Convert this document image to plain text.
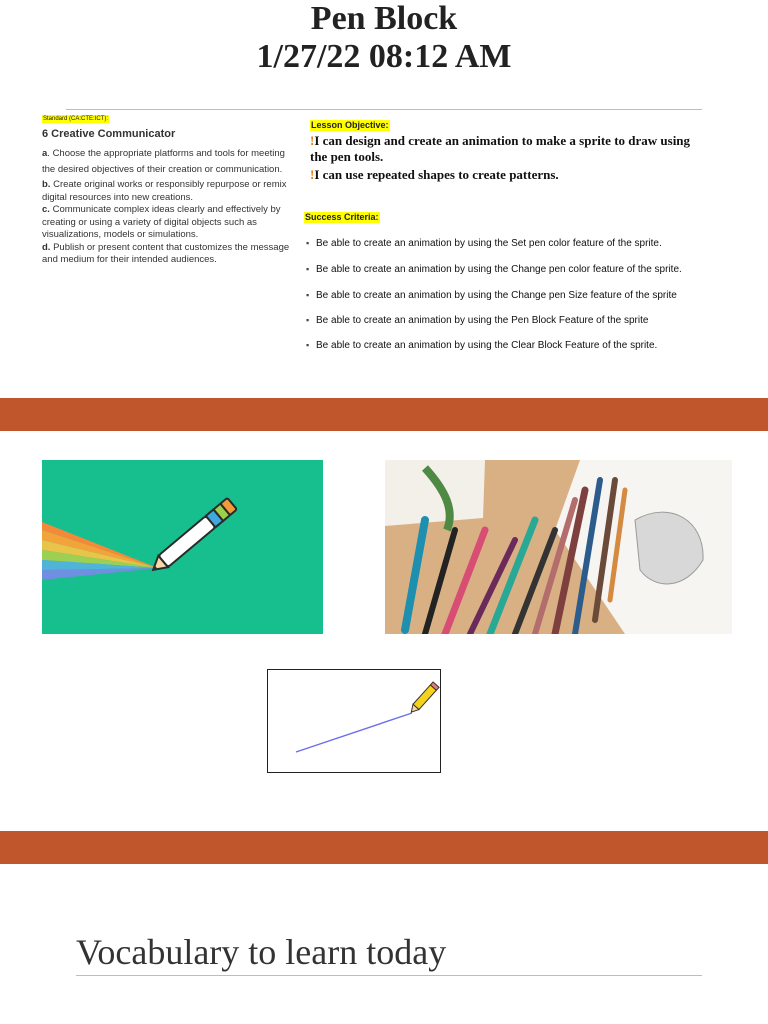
Pen Block
1/27/22 08:12 AM
Standard (CA:CTE:ICT):
6 Creative Communicator

a. Choose the appropriate platforms and tools for meeting the desired objectives of their creation or communication.

b. Create original works or responsibly repurpose or remix digital resources into new creations.

c. Communicate complex ideas clearly and effectively by creating or using a variety of digital objects such as visualizations, models or simulations.

d. Publish or present content that customizes the message and medium for their intended audiences.

Lesson Objective:

!I can design and create an animation to make a sprite to draw using the pen tools.

!I can use repeated shapes to create patterns.

Success Criteria:
▪ Be able to create an animation by using the Set pen color feature of the sprite.
▪ Be able to create an animation by using the Change pen color feature of the sprite.
▪ Be able to create an animation by using the Change pen Size feature of the sprite
▪ Be able to create an animation by using the Pen Block Feature of the sprite
▪ Be able to create an animation by using the Clear Block Feature of the sprite.
Vocabulary to learn today
